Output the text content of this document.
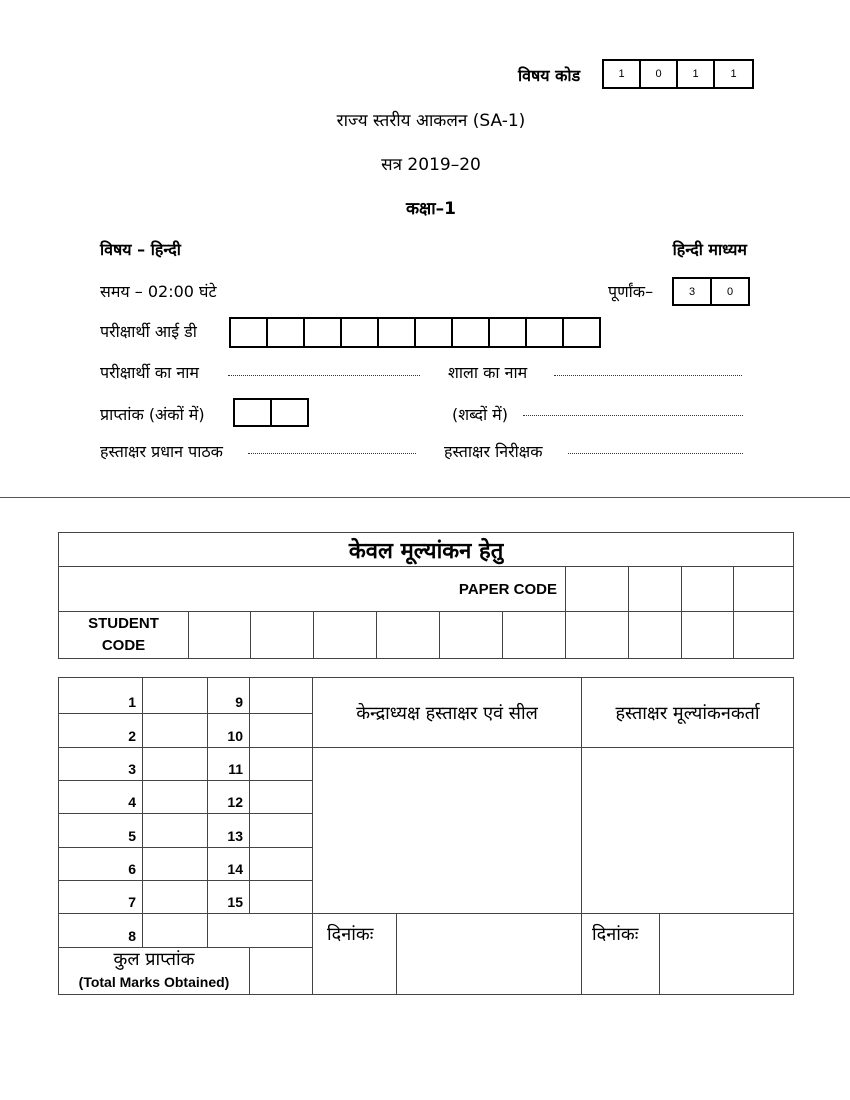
विषय कोड	1	0	1	1
राज्य स्तरीय आकलन (SA-1)
सत्र 2019–20
कक्षा–1
विषय – हिन्दी	हिन्दी माध्यम
समय – 02:00 घंटे	पूर्णांक–	3	0
परीक्षार्थी आई डी
परीक्षार्थी का नाम	शाला का नाम
प्राप्तांक (अंकों में)	(शब्दों में)
हस्ताक्षर प्रधान पाठक	हस्ताक्षर निरीक्षक
केवल मूल्यांकन हेतु										
PAPER CODE										
STUDENT CODE										
1		9		केन्द्राध्यक्ष हस्ताक्षर एवं सील		हस्ताक्षर मूल्यांकनकर्ता	
2		10					
3		11					
4		12					
5		13					
6		14					
7		15					
8				दिनांकः		दिनांकः	

कुल प्राप्तांक
(Total Marks Obtained)							
